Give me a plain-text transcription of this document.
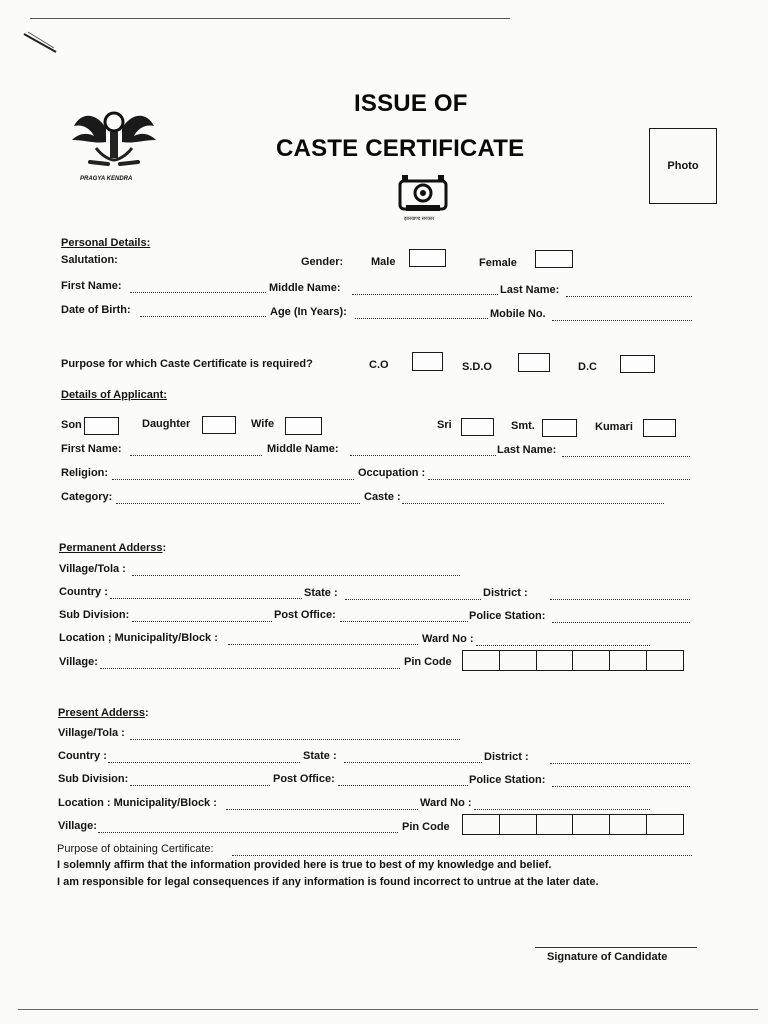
PRAGYA KENDRA
ISSUE OF
CASTE CERTIFICATE
झारखण्ड सरकार
Photo
Personal Details:
Salutation:	Gender:	Male	Female
First Name:	Middle Name:	Last Name:
Date of Birth:	Age (In Years):	Mobile No.
Purpose for which Caste Certificate is required?	C.O	S.D.O	D.C
Details of Applicant:
Son	Daughter	Wife	Sri	Smt.	Kumari
First Name:	Middle Name:	Last Name:
Religion:	Occupation :
Category:	Caste :
Permanent Adderss:
Village/Tola :
Country :	State :	District :
Sub Division:	Post Office:	Police Station:
Location ; Municipality/Block :	Ward No :
Village:	Pin Code
Present Adderss:
Village/Tola :
Country :	State :	District :
Sub Division:	Post Office:	Police Station:
Location : Municipality/Block :	Ward No :
Village:	Pin Code
Purpose of obtaining Certificate:
I solemnly affirm that the information provided here is true to best of my knowledge and belief.
I am responsible for legal consequences if any information is found incorrect to untrue at the later date.
Signature of Candidate
